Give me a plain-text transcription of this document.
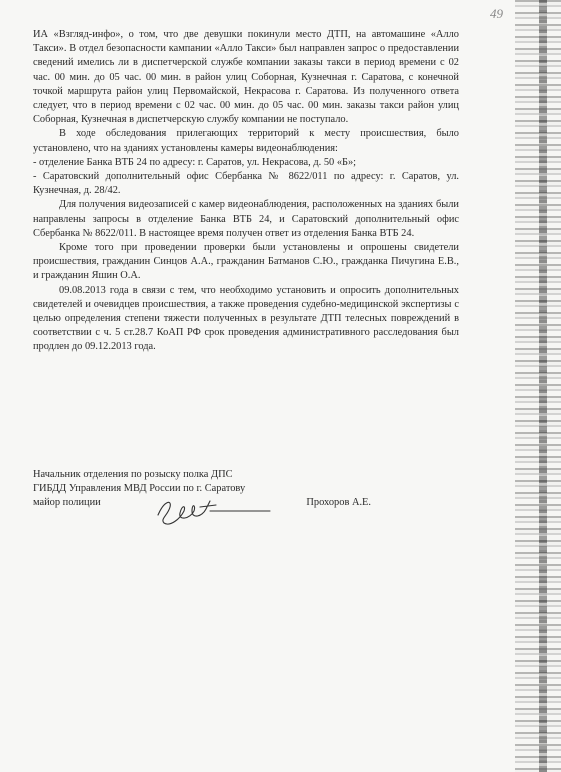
49

ИА «Взгляд-инфо», о том, что две девушки покинули место ДТП, на автомашине «Алло Такси». В отдел безопасности кампании «Алло Такси» был направлен запрос о предоставлении сведений имелись ли в диспетчерской службе компании заказы такси в период времени с 02 час. 00 мин. до 05 час. 00 мин. в район улиц Соборная, Кузнечная г. Саратова, с конечной точкой маршрута район улиц Первомайской, Некрасова г. Саратова. Из полученного ответа следует, что в период времени с 02 час. 00 мин. до 05 час. 00 мин. заказы такси район улиц Соборная, Кузнечная в диспетчерскую службу компании не поступало.

В ходе обследования прилегающих территорий к месту происшествия, было установлено, что на зданиях установлены камеры видеонаблюдения:

- отделение Банка ВТБ 24 по адресу: г. Саратов, ул. Некрасова, д. 50 «Б»;

- Саратовский дополнительный офис Сбербанка № 8622/011 по адресу: г. Саратов, ул. Кузнечная, д. 28/42.

Для получения видеозаписей с камер видеонаблюдения, расположенных на зданиях были направлены запросы в отделение Банка ВТБ 24, и Саратовский дополнительный офис Сбербанка № 8622/011. В настоящее время получен ответ из отделения Банка ВТБ 24.

Кроме того при проведении проверки были установлены и опрошены свидетели происшествия, гражданин Синцов А.А., гражданин Батманов С.Ю., гражданка Пичугина Е.В., и гражданин Яшин О.А.

09.08.2013 года в связи с тем, что необходимо установить и опросить дополнительных свидетелей и очевидцев происшествия, а также проведения судебно-медицинской экспертизы с целью определения степени тяжести полученных в результате ДТП телесных повреждений в соответствии с ч. 5 ст.28.7 КоАП РФ срок проведения административного расследования был продлен до 09.12.2013 года.

Начальник отделения по розыску полка ДПС
ГИБДД Управления МВД России по г. Саратову
майор полиции	Прохоров А.Е.
